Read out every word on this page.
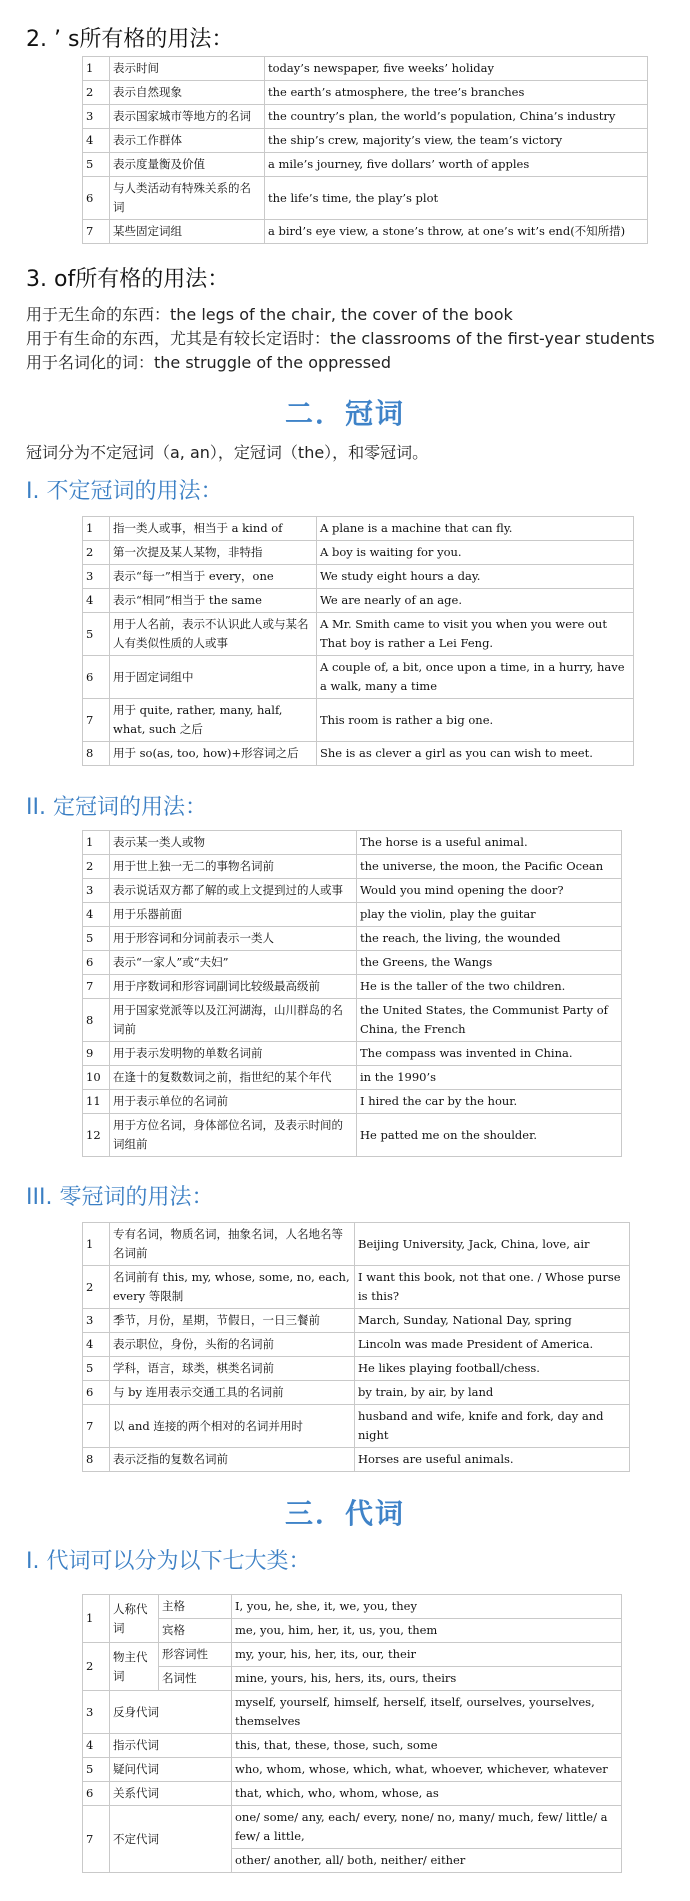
2. ’ s所有格的用法：
1	表示时间	today’s newspaper, five weeks’ holiday
2	表示自然现象	the earth’s atmosphere, the tree’s branches
3	表示国家城市等地方的名词	the country’s plan, the world’s population, China’s industry
4	表示工作群体	the ship’s crew, majority’s view, the team’s victory
5	表示度量衡及价值	a mile’s journey, five dollars’ worth of apples
6	与人类活动有特殊关系的名词	the life’s time, the play’s plot
7	某些固定词组	a bird’s eye view, a stone’s throw, at one’s wit’s end(不知所措)
3. of所有格的用法：

用于无生命的东西：the legs of the chair, the cover of the book

用于有生命的东西，尤其是有较长定语时：the classrooms of the first-year students

用于名词化的词：the struggle of the oppressed

二．冠词

冠词分为不定冠词（a, an），定冠词（the），和零冠词。

I. 不定冠词的用法：
1	指一类人或事，相当于 a kind of	A plane is a machine that can fly.
2	第一次提及某人某物，非特指	A boy is waiting for you.
3	表示“每一”相当于 every，one	We study eight hours a day.
4	表示“相同”相当于 the same	We are nearly of an age.
5	用于人名前，表示不认识此人或与某名人有类似性质的人或事	A Mr. Smith came to visit you when you were out
That boy is rather a Lei Feng.
6	用于固定词组中	A couple of, a bit, once upon a time, in a hurry, have a walk, many a time
7	用于 quite, rather, many, half, what, such 之后	This room is rather a big one.
8	用于 so(as, too, how)+形容词之后	She is as clever a girl as you can wish to meet.
II. 定冠词的用法：
1	表示某一类人或物	The horse is a useful animal.
2	用于世上独一无二的事物名词前	the universe, the moon, the Pacific Ocean
3	表示说话双方都了解的或上文提到过的人或事	Would you mind opening the door?
4	用于乐器前面	play the violin, play the guitar
5	用于形容词和分词前表示一类人	the reach, the living, the wounded
6	表示“一家人”或“夫妇”	the Greens, the Wangs
7	用于序数词和形容词副词比较级最高级前	He is the taller of the two children.
8	用于国家党派等以及江河湖海，山川群岛的名词前	the United States, the Communist Party of China, the French
9	用于表示发明物的单数名词前	The compass was invented in China.
10	在逢十的复数数词之前，指世纪的某个年代	in the 1990’s
11	用于表示单位的名词前	I hired the car by the hour.
12	用于方位名词，身体部位名词，及表示时间的词组前	He patted me on the shoulder.
III. 零冠词的用法：
1	专有名词，物质名词，抽象名词，人名地名等名词前	Beijing University, Jack, China, love, air
2	名词前有 this, my, whose, some, no, each, every 等限制	I want this book, not that one. / Whose purse is this?
3	季节，月份，星期，节假日，一日三餐前	March, Sunday, National Day, spring
4	表示职位，身份，头衔的名词前	Lincoln was made President of America.
5	学科，语言，球类，棋类名词前	He likes playing football/chess.
6	与 by 连用表示交通工具的名词前	by train, by air, by land
7	以 and 连接的两个相对的名词并用时	husband and wife, knife and fork, day and night
8	表示泛指的复数名词前	Horses are useful animals.
三．代词
I. 代词可以分为以下七大类：
1	人称代词	主格	I, you, he, she, it, we, you, they
		宾格	me, you, him, her, it, us, you, them
2	物主代词	形容词性	my, your, his, her, its, our, their
		名词性	mine, yours, his, hers, its, ours, theirs
3	反身代词		myself, yourself, himself, herself, itself, ourselves, yourselves, themselves
4	指示代词		this, that, these, those, such, some
5	疑问代词		who, whom, whose, which, what, whoever, whichever, whatever
6	关系代词		that, which, who, whom, whose, as
7	不定代词		one/ some/ any, each/ every, none/ no, many/ much, few/ little/ a few/ a little,
			other/ another, all/ both, neither/ either
